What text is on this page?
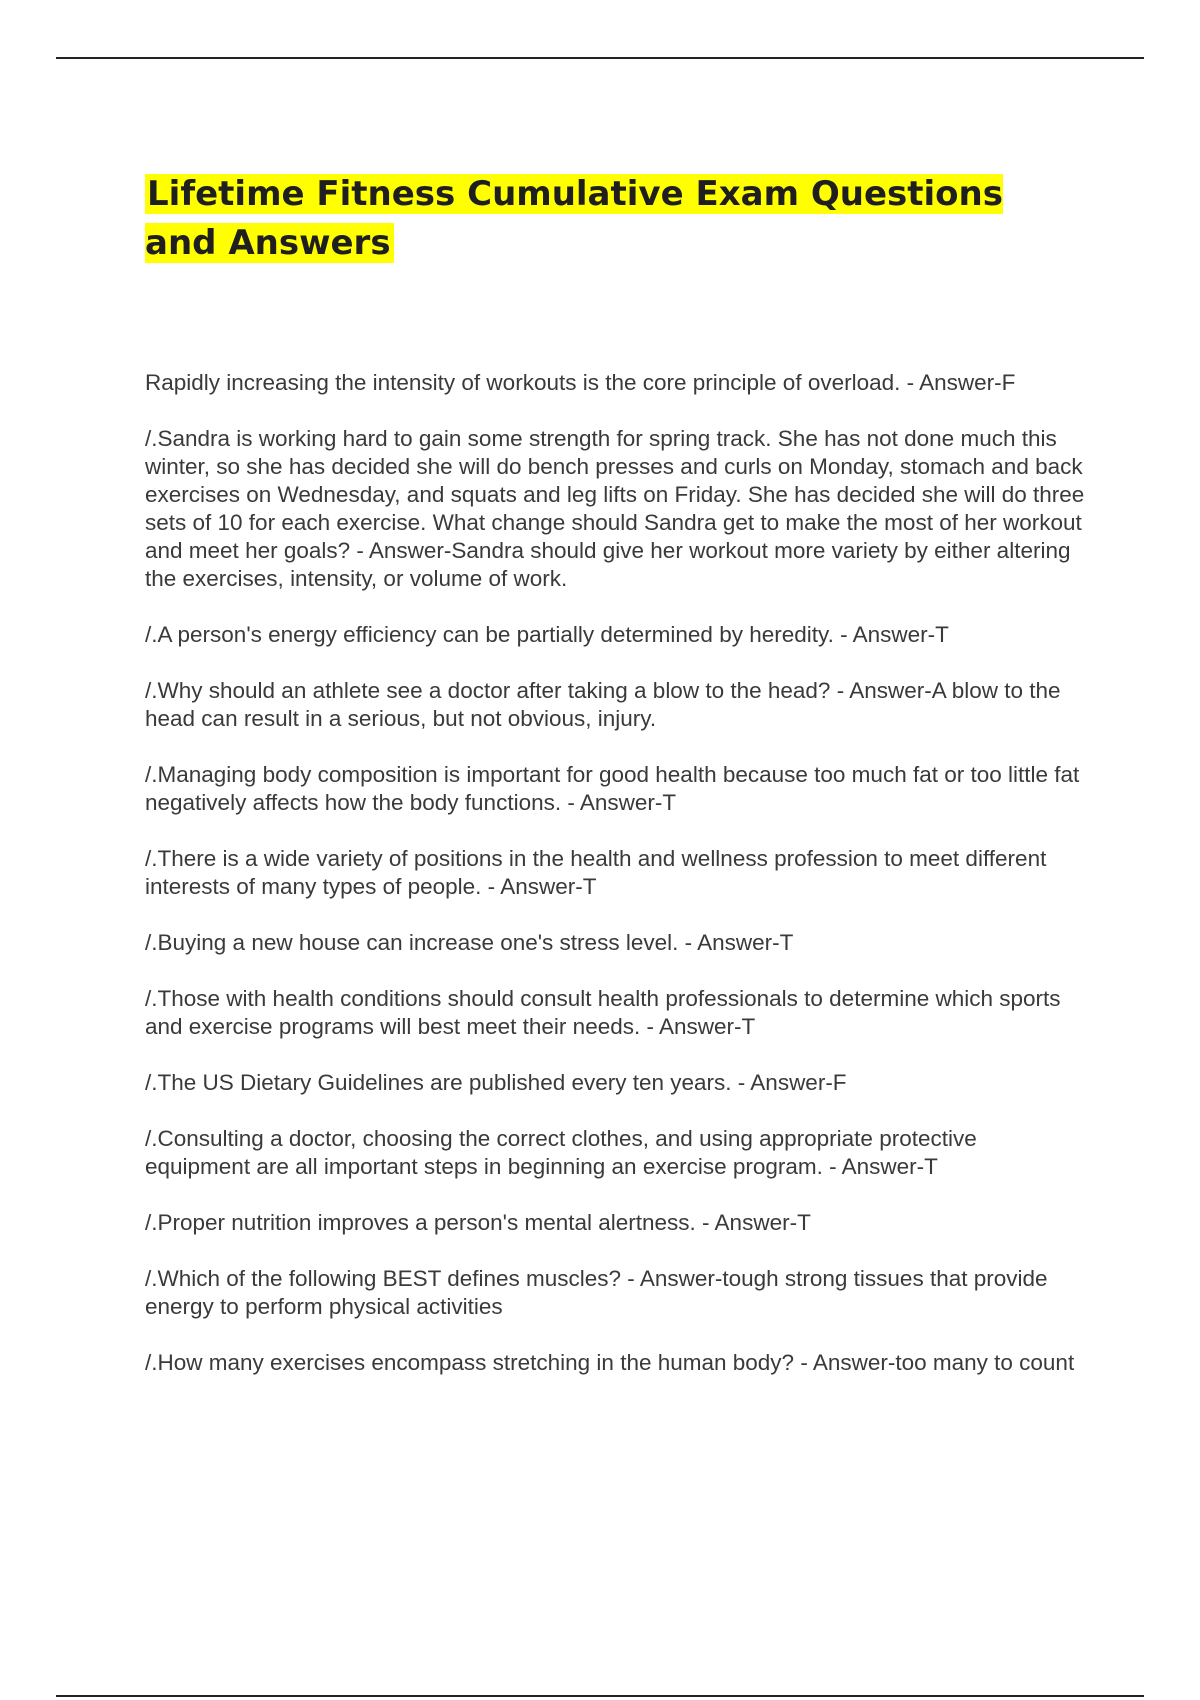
Lifetime Fitness Cumulative Exam Questions and Answers
Rapidly increasing the intensity of workouts is the core principle of overload. - Answer-F
/.Sandra is working hard to gain some strength for spring track. She has not done much this winter, so she has decided she will do bench presses and curls on Monday, stomach and back exercises on Wednesday, and squats and leg lifts on Friday. She has decided she will do three sets of 10 for each exercise. What change should Sandra get to make the most of her workout and meet her goals? - Answer-Sandra should give her workout more variety by either altering the exercises, intensity, or volume of work.
/.A person's energy efficiency can be partially determined by heredity. - Answer-T
/.Why should an athlete see a doctor after taking a blow to the head? - Answer-A blow to the head can result in a serious, but not obvious, injury.
/.Managing body composition is important for good health because too much fat or too little fat negatively affects how the body functions. - Answer-T
/.There is a wide variety of positions in the health and wellness profession to meet different interests of many types of people. - Answer-T
/.Buying a new house can increase one's stress level. - Answer-T
/.Those with health conditions should consult health professionals to determine which sports and exercise programs will best meet their needs. - Answer-T
/.The US Dietary Guidelines are published every ten years. - Answer-F
/.Consulting a doctor, choosing the correct clothes, and using appropriate protective equipment are all important steps in beginning an exercise program. - Answer-T
/.Proper nutrition improves a person's mental alertness. - Answer-T
/.Which of the following BEST defines muscles? - Answer-tough strong tissues that provide energy to perform physical activities
/.How many exercises encompass stretching in the human body? - Answer-too many to count
